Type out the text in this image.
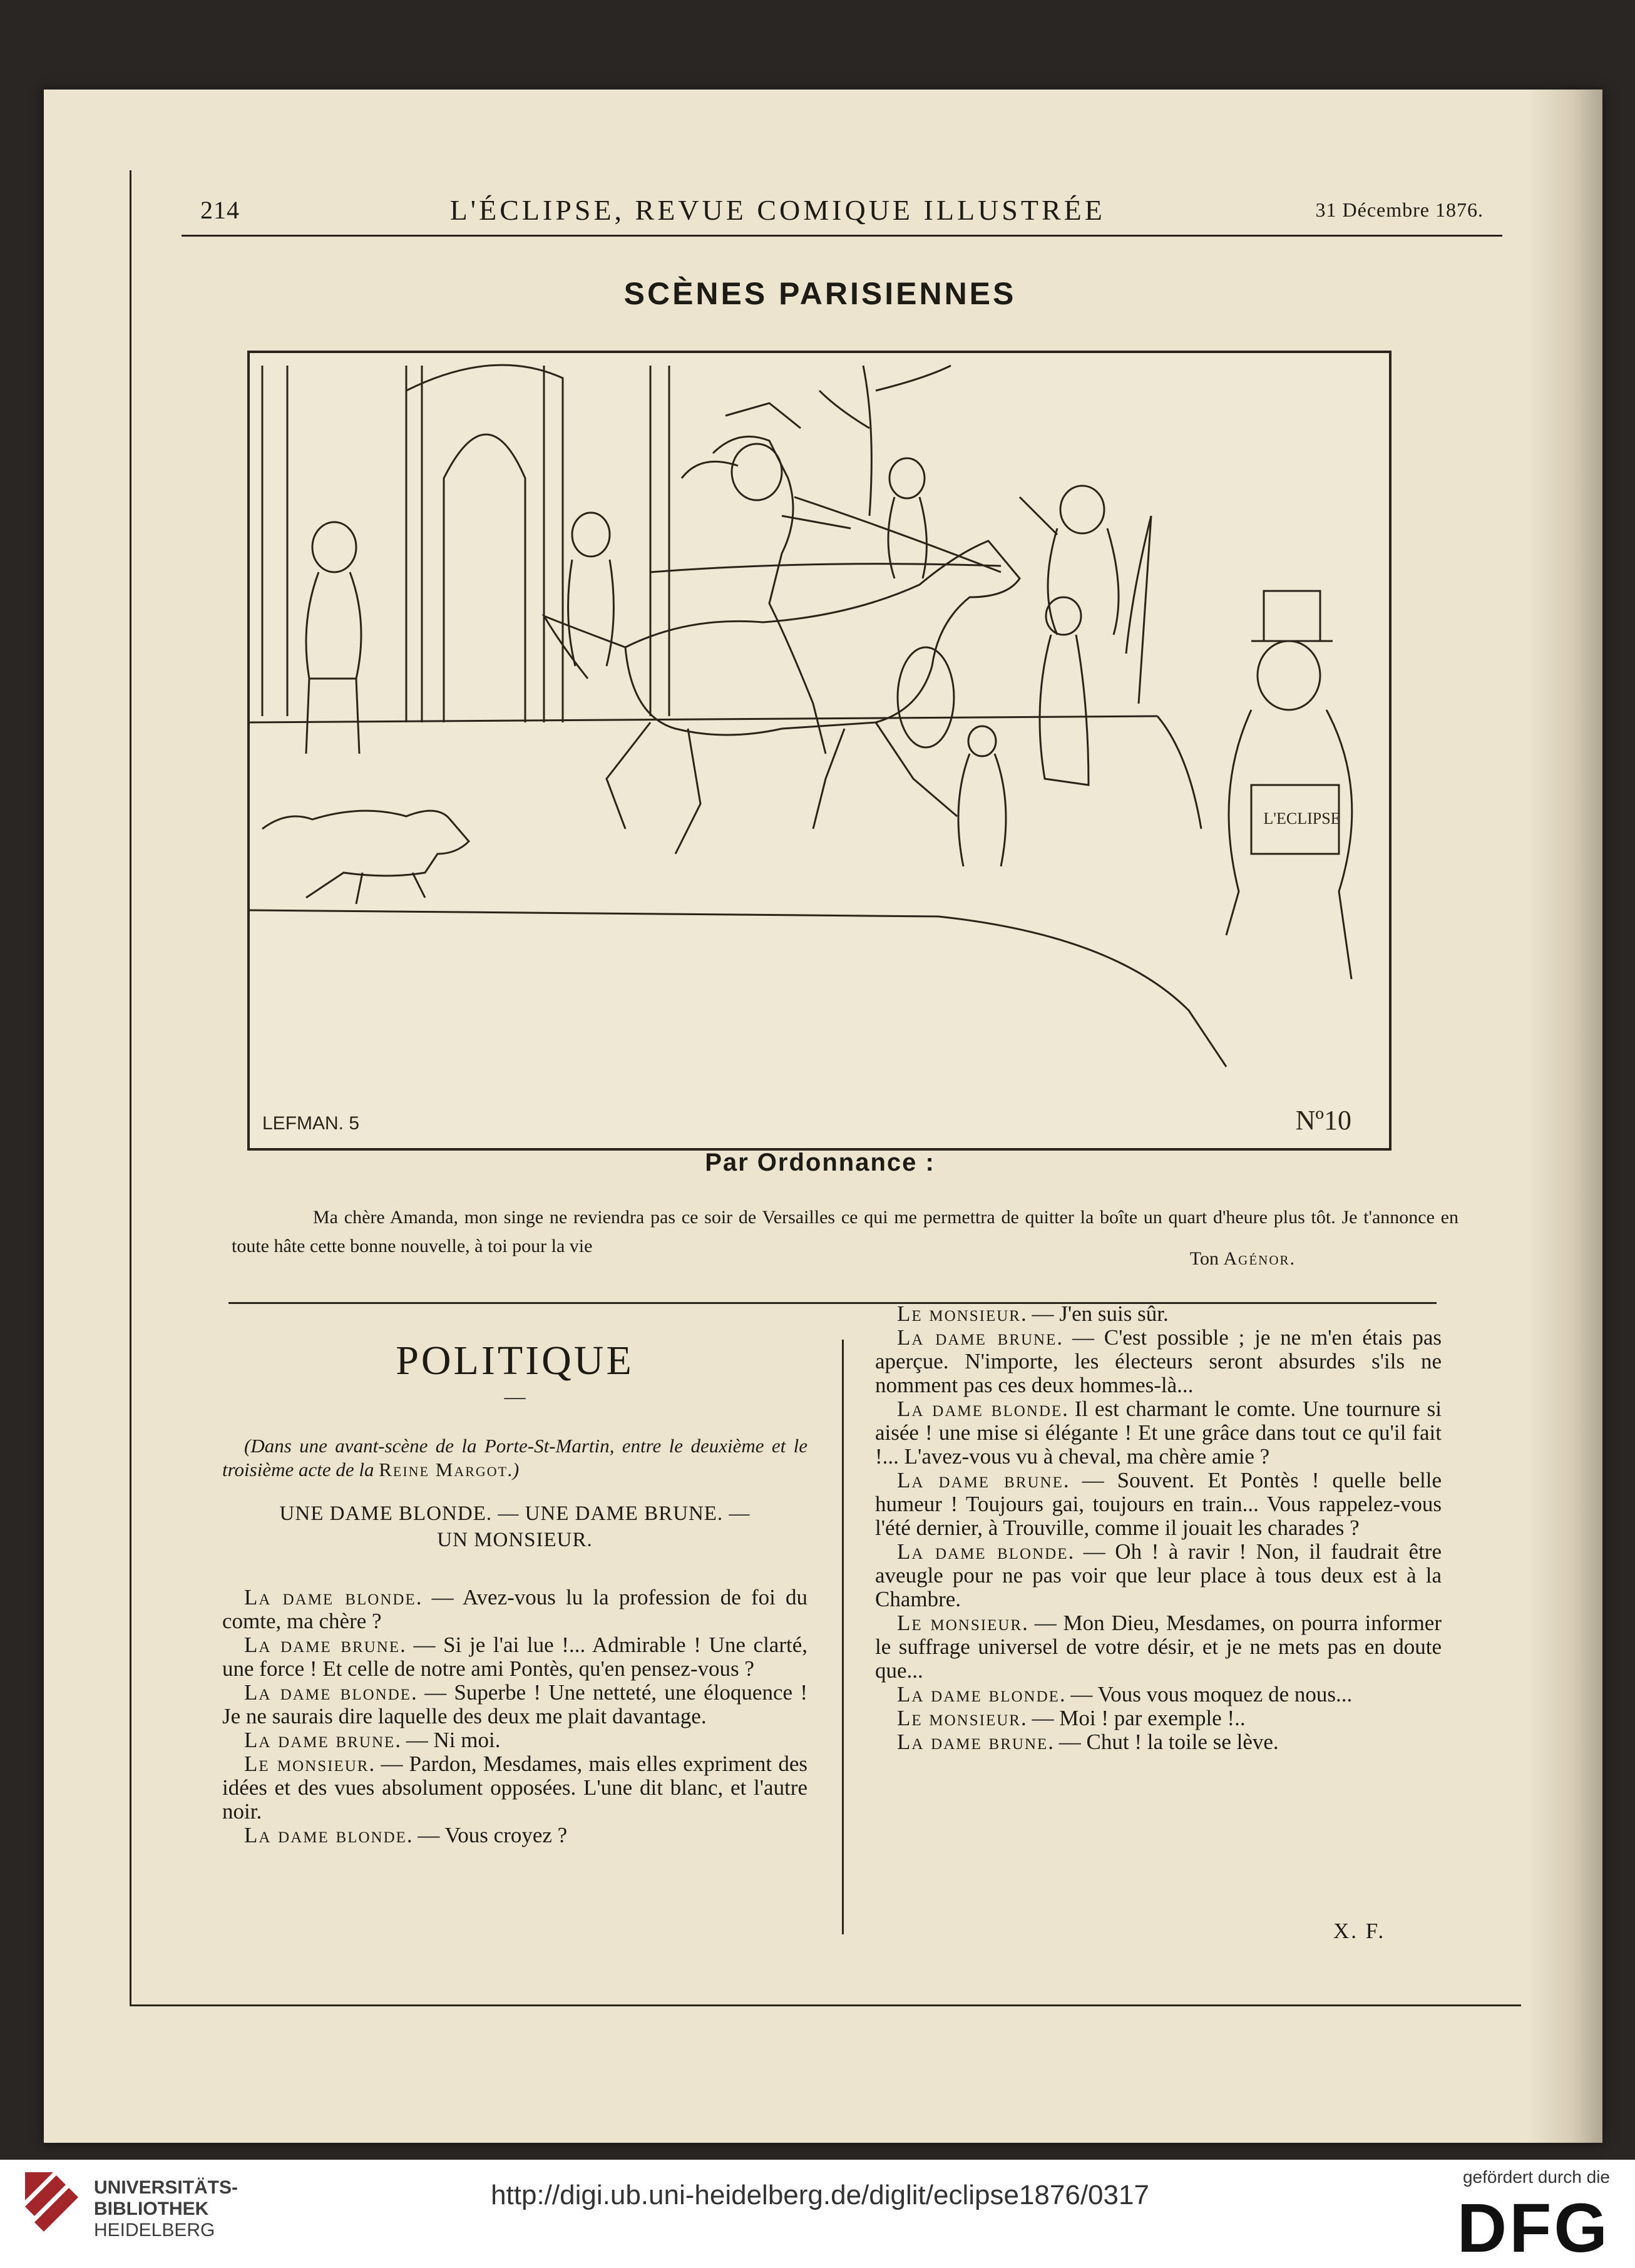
214	L'ÉCLIPSE, REVUE COMIQUE ILLUSTRÉE	31 Décembre 1876.
SCÈNES PARISIENNES
L'ECLIPSE
LEFMAN. 5	Nº10
Par Ordonnance :
Ma chère Amanda, mon singe ne reviendra pas ce soir de Versailles ce qui me permettra de quitter la boîte un quart d'heure plus tôt. Je t'annonce en toute hâte cette bonne nouvelle, à toi pour la vie
Ton Agénor.
POLITIQUE
—

(Dans une avant-scène de la Porte-St-Martin, entre le deuxième et le troisième acte de la Reine Margot.)

UNE DAME BLONDE. — UNE DAME BRUNE. —
UN MONSIEUR.

La dame blonde. — Avez-vous lu la profession de foi du comte, ma chère ?

La dame brune. — Si je l'ai lue !... Admirable ! Une clarté, une force ! Et celle de notre ami Pontès, qu'en pensez-vous ?

La dame blonde. — Superbe ! Une netteté, une éloquence ! Je ne saurais dire laquelle des deux me plait davantage.

La dame brune. — Ni moi.

Le monsieur. — Pardon, Mesdames, mais elles expriment des idées et des vues absolument opposées. L'une dit blanc, et l'autre noir.

La dame blonde. — Vous croyez ?

Le monsieur. — J'en suis sûr.

La dame brune. — C'est possible ; je ne m'en étais pas aperçue. N'importe, les électeurs seront absurdes s'ils ne nomment pas ces deux hommes-là...

La dame blonde. Il est charmant le comte. Une tournure si aisée ! une mise si élégante ! Et une grâce dans tout ce qu'il fait !... L'avez-vous vu à cheval, ma chère amie ?

La dame brune. — Souvent. Et Pontès ! quelle belle humeur ! Toujours gai, toujours en train... Vous rappelez-vous l'été dernier, à Trouville, comme il jouait les charades ?

La dame blonde. — Oh ! à ravir ! Non, il faudrait être aveugle pour ne pas voir que leur place à tous deux est à la Chambre.

Le monsieur. — Mon Dieu, Mesdames, on pourra informer le suffrage universel de votre désir, et je ne mets pas en doute que...

La dame blonde. — Vous vous moquez de nous...

Le monsieur. — Moi ! par exemple !..

La dame brune. — Chut ! la toile se lève.

X. F.
UNIVERSITÄTS-
BIBLIOTHEK
HEIDELBERG
http://digi.ub.uni-heidelberg.de/diglit/eclipse1876/0317
gefördert durch die
DFG
